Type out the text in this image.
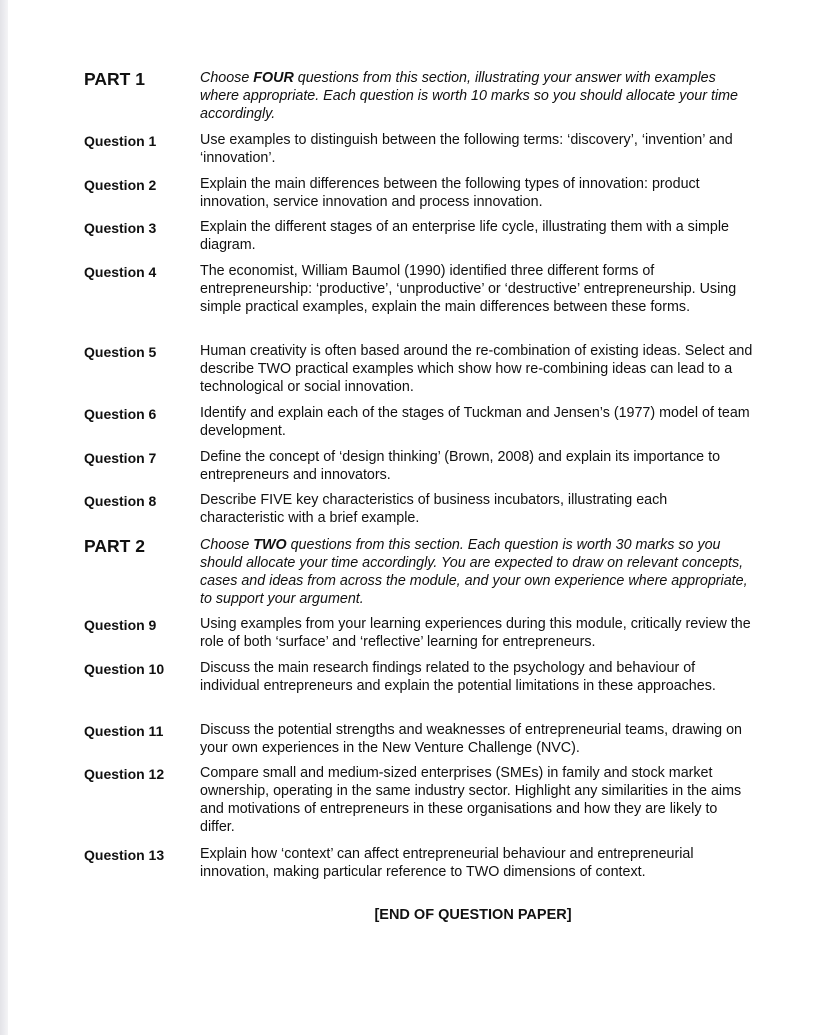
PART 1	Choose FOUR questions from this section, illustrating your answer with examples where appropriate. Each question is worth 10 marks so you should allocate your time accordingly.
Question 1	Use examples to distinguish between the following terms: ‘discovery’, ‘invention’ and ‘innovation’.
Question 2	Explain the main differences between the following types of innovation: product innovation, service innovation and process innovation.
Question 3	Explain the different stages of an enterprise life cycle, illustrating them with a simple diagram.
Question 4	The economist, William Baumol (1990) identified three different forms of entrepreneurship: ‘productive’, ‘unproductive’ or ‘destructive’ entrepreneurship. Using simple practical examples, explain the main differences between these forms.
Question 5	Human creativity is often based around the re-combination of existing ideas. Select and describe TWO practical examples which show how re-combining ideas can lead to a technological or social innovation.
Question 6	Identify and explain each of the stages of Tuckman and Jensen’s (1977) model of team development.
Question 7	Define the concept of ‘design thinking’ (Brown, 2008) and explain its importance to entrepreneurs and innovators.
Question 8	Describe FIVE key characteristics of business incubators, illustrating each characteristic with a brief example.
PART 2	Choose TWO questions from this section. Each question is worth 30 marks so you should allocate your time accordingly. You are expected to draw on relevant concepts, cases and ideas from across the module, and your own experience where appropriate, to support your argument.
Question 9	Using examples from your learning experiences during this module, critically review the role of both ‘surface’ and ‘reflective’ learning for entrepreneurs.
Question 10	Discuss the main research findings related to the psychology and behaviour of individual entrepreneurs and explain the potential limitations in these approaches.
Question 11	Discuss the potential strengths and weaknesses of entrepreneurial teams, drawing on your own experiences in the New Venture Challenge (NVC).
Question 12	Compare small and medium-sized enterprises (SMEs) in family and stock market ownership, operating in the same industry sector. Highlight any similarities in the aims and motivations of entrepreneurs in these organisations and how they are likely to differ.
Question 13	Explain how ‘context’ can affect entrepreneurial behaviour and entrepreneurial innovation, making particular reference to TWO dimensions of context.
[END OF QUESTION PAPER]
